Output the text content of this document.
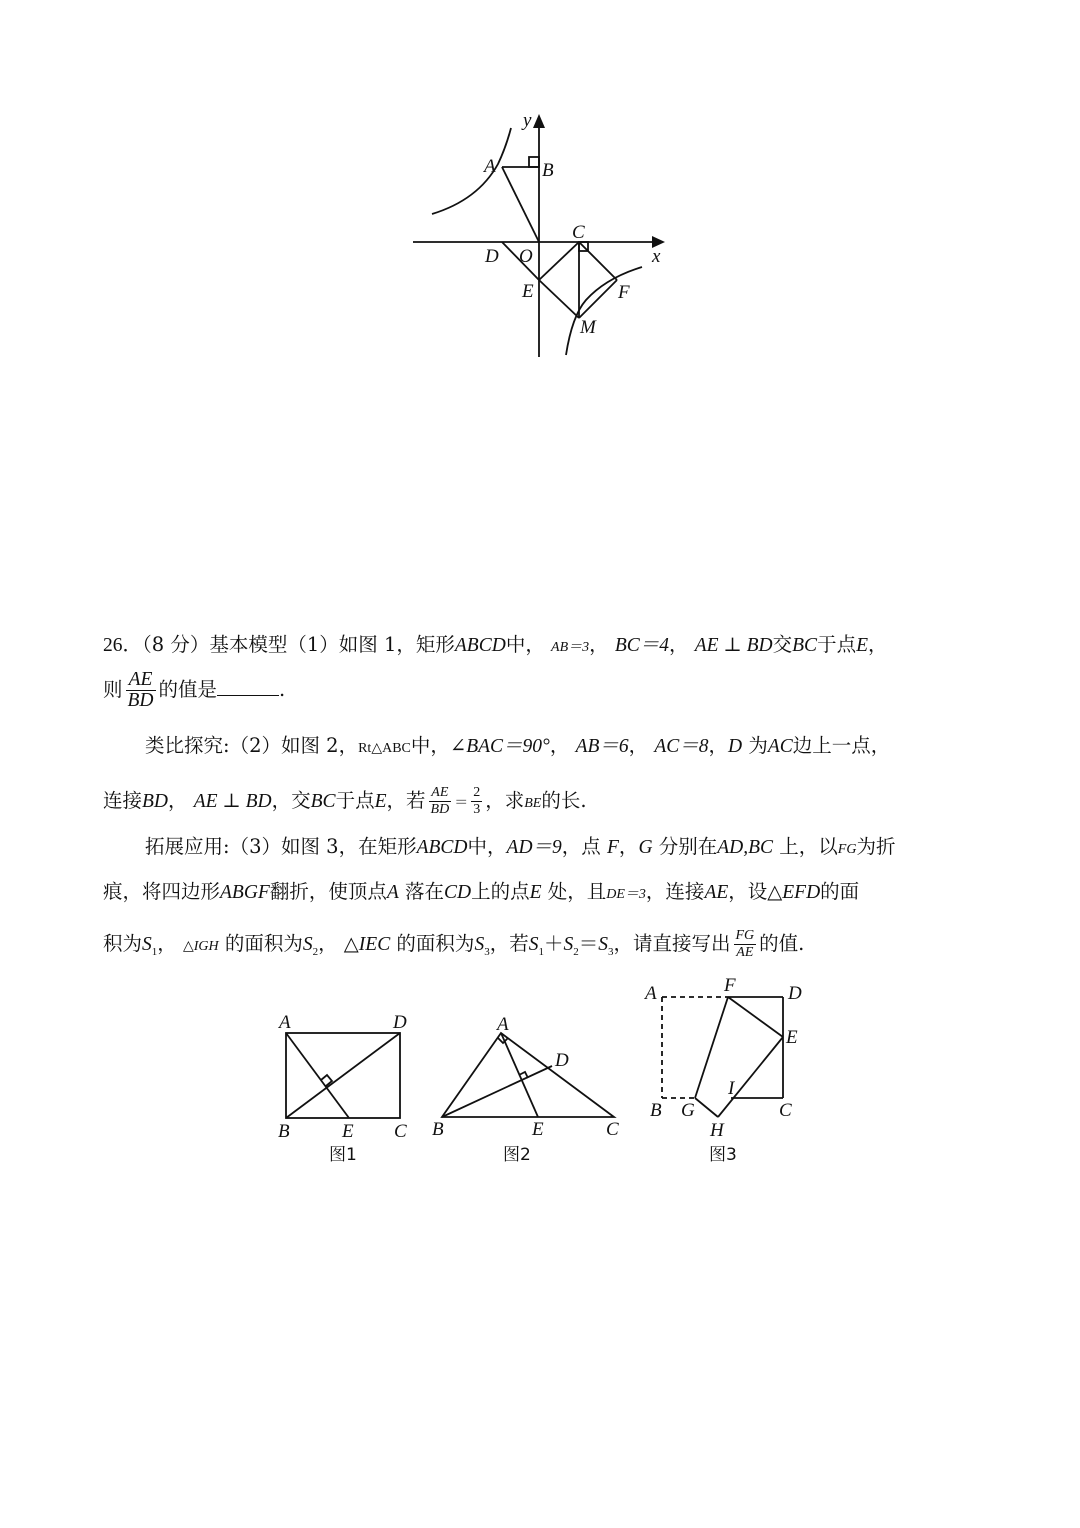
y
A B
C
x
D O
E	F
M
26．（8 分）基本模型（1）如图 1，矩形ABCD中， AB＝3， BC＝4， AE ⊥ BD交BC于点E，
则 $\frac{AE}{BD}$ 的值是	.
类比探究:（2）如图 2，Rt△ABC中，∠BAC＝90°， AB＝6， AC＝8，D 为AC边上一点，
连接BD， AE ⊥ BD，交BC于点E，若 $\frac{AE}{BD} = \frac{2}{3}$ ，求BE的长.
拓展应用:（3）如图 3，在矩形ABCD中，AD＝9，点 F，G 分别在AD,BC 上，以FG为折
痕，将四边形ABGF翻折，使顶点A 落在CD上的点E 处，且DE＝3，连接AE，设△EFD的面
积为$S_1$， △IGH 的面积为$S_2$， △IEC 的面积为$S_3$，若$S_1+S_2=S_3$，请直接写出 $\frac{FG}{AE}$ 的值.
A	D
B	E C
图1
A
D
B	E	C
图2
A	F	D
E
I
B G	C
H
图3
